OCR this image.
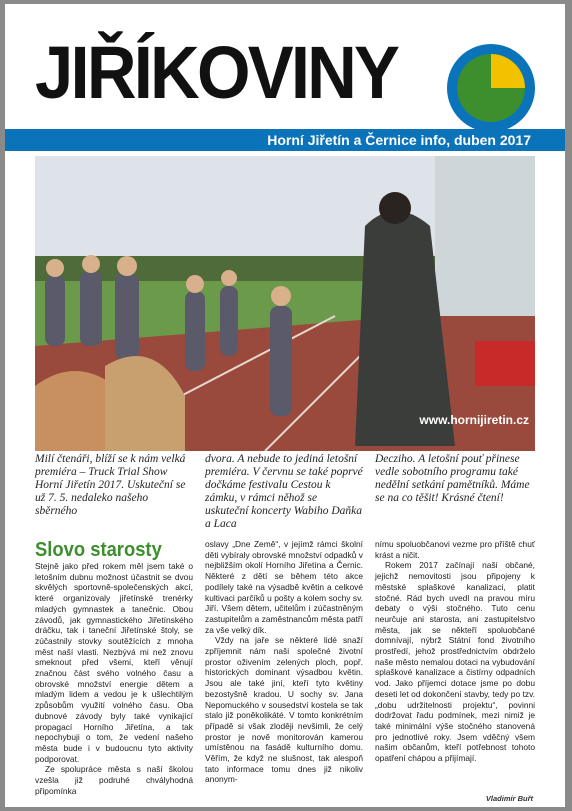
JIŘÍKOVINY
Horní Jiřetín a Černice info, duben 2017
www.hornijiretin.cz

Milí čtenáři, blíží se k nám velká premiéra – Truck Trial Show Horní Jiřetín 2017. Uskuteční se už 7. 5. nedaleko našeho sběrného

dvora. A nebude to jediná letošní premiéra. V červnu se také poprvé dočkáme festivalu Cestou k zámku, v rámci něhož se uskuteční koncerty Wabiho Daňka a Laca

Decziho. A letošní pouť přinese vedle sobotního programu také nedělní setkání pamětníků. Máme se na co těšit! Krásné čtení!

Slovo starosty

Stejně jako před rokem měl jsem také o letošním dubnu možnost účastnit se dvou skvělých sportovně-společenských akcí, které organizovaly jiřetínské trenérky mladých gymnastek a tanečnic. Obou závodů, jak gymnastického Jiřetínského dráčku, tak i taneční Jiřetínské štoly, se zúčastnily stovky soutěžících z mnoha měst naší vlasti. Nezbývá mi než znovu smeknout před všemi, kteří věnují značnou část svého volného času a obrovské množství energie dětem a mladým lidem a vedou je k ušlechtilým způsobům využití volného času. Oba dubnové závody byly také vynikající propagací Horního Jiřetína, a tak nepochybuji o tom, že vedení našeho města bude i v budoucnu tyto aktivity podporovat.

Ze spolupráce města s naší školou vzešla již podruhé chvályhodná připomínka

oslavy „Dne Země“, v jejímž rámci školní děti vybíraly obrovské množství odpadků v nejbližším okolí Horního Jiřetína a Černic. Některé z dětí se během této akce podílely také na výsadbě květin a celkové kultivaci parčíků u pošty a kolem sochy sv. Jiří. Všem dětem, učitelům i zúčastněným zastupitelům a zaměstnancům města patří za vše velký dík.

Vždy na jaře se některé lidé snaží zpříjemnit nám naši společné životní prostor oživením zelených ploch, popř. historických dominant výsadbou květin. Jsou ale také jiní, kteří tyto květiny bezostyšně kradou. U sochy sv. Jana Nepomuckého v sousedství kostela se tak stalo již poněkolikáté. V tomto konkrétním případě si však zloději nevšimli, že celý prostor je nově monitorován kamerou umístěnou na fasádě kulturního domu. Věřím, že když ne slušnost, tak alespoň tato informace tomu dnes již nikoliv anonym-

nímu spoluobčanovi vezme pro příště chuť krást a ničit.

Rokem 2017 začínají naši občané, jejichž nemovitosti jsou připojeny k městské splaškové kanalizaci, platit stočné. Rád bych uvedl na pravou míru debaty o výši stočného. Tuto cenu neurčuje ani starosta, ani zastupitelstvo města, jak se někteří spoluobčané domnívají, nýbrž Státní fond životního prostředí, jehož prostřednictvím obdrželo naše město nemalou dotaci na vybudování splaškové kanalizace a čistírny odpadních vod. Jako příjemci dotace jsme po dobu deseti let od dokončení stavby, tedy po tzv. „dobu udržitelnosti projektu“, povinni dodržovat řadu podmínek, mezi nimiž je také minimální výše stočného stanovená pro jednotlivé roky. Jsem vděčný všem našim občanům, kteří potřebnost tohoto opatření chápou a přijímají.

Vladimír Buřt
